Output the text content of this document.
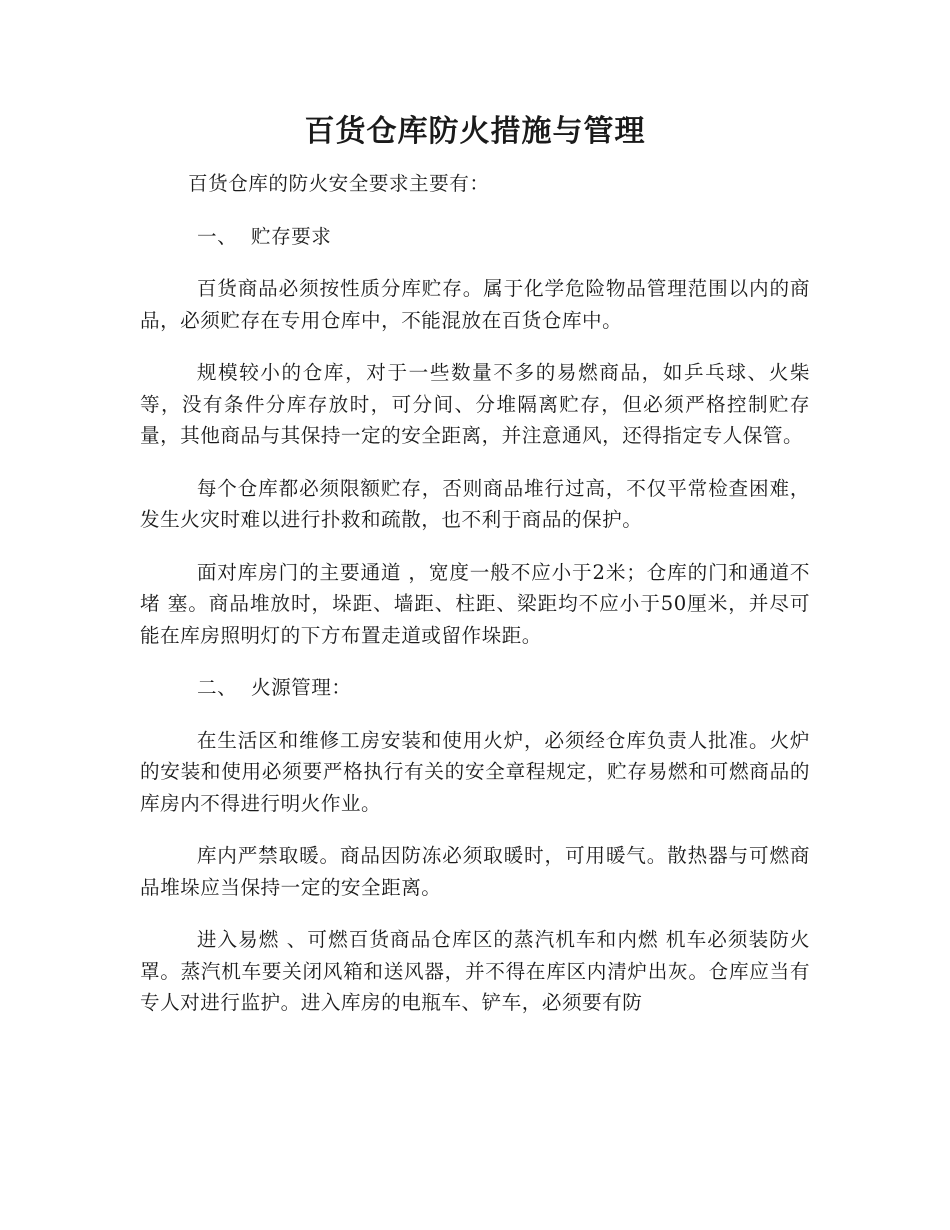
百货仓库防火措施与管理

百货仓库的防火安全要求主要有：

一、 贮存要求

百货商品必须按性质分库贮存。属于化学危险物品管理范围以内的商品，必须贮存在专用仓库中，不能混放在百货仓库中。

规模较小的仓库，对于一些数量不多的易燃商品，如乒乓球、火柴等，没有条件分库存放时，可分间、分堆隔离贮存，但必须严格控制贮存量，其他商品与其保持一定的安全距离，并注意通风，还得指定专人保管。

每个仓库都必须限额贮存，否则商品堆行过高，不仅平常检查困难，发生火灾时难以进行扑救和疏散，也不利于商品的保护。

面对库房门的主要通道 ，宽度一般不应小于2米；仓库的门和通道不堵 塞。商品堆放时，垛距、墙距、柱距、梁距均不应小于50厘米，并尽可能在库房照明灯的下方布置走道或留作垛距。

二、 火源管理：

在生活区和维修工房安装和使用火炉，必须经仓库负责人批准。火炉的安装和使用必须要严格执行有关的安全章程规定，贮存易燃和可燃商品的库房内不得进行明火作业。

库内严禁取暖。商品因防冻必须取暖时，可用暖气。散热器与可燃商品堆垛应当保持一定的安全距离。

进入易燃 、可燃百货商品仓库区的蒸汽机车和内燃 机车必须装防火罩。蒸汽机车要关闭风箱和送风器，并不得在库区内清炉出灰。仓库应当有专人对进行监护。进入库房的电瓶车、铲车，必须要有防
